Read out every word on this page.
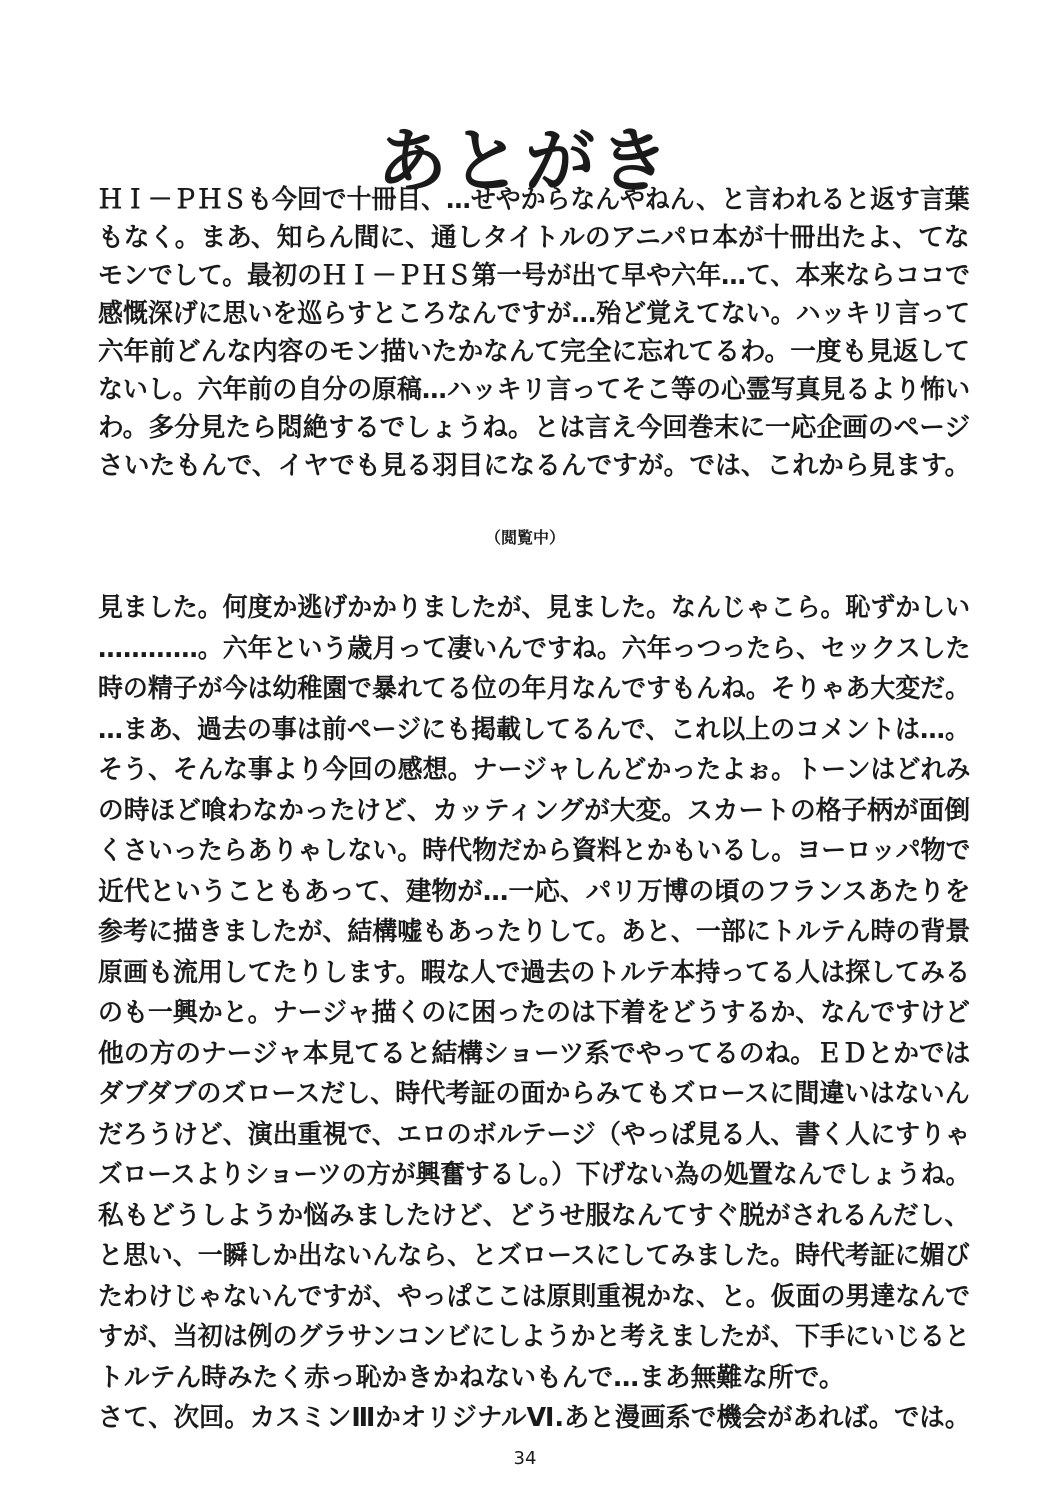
あとがき
ＨＩ－ＰＨＳも今回で十冊目、…せやからなんやねん、と言われると返す言葉
もなく。まあ、知らん間に、通しタイトルのアニパロ本が十冊出たよ、てな
モンでして。最初のＨＩ－ＰＨＳ第一号が出て早や六年…て、本来ならココで
感慨深げに思いを巡らすところなんですが…殆ど覚えてない。ハッキリ言って
六年前どんな内容のモン描いたかなんて完全に忘れてるわ。一度も見返して
ないし。六年前の自分の原稿…ハッキリ言ってそこ等の心霊写真見るより怖い
わ。多分見たら悶絶するでしょうね。とは言え今回巻末に一応企画のページ
さいたもんで、イヤでも見る羽目になるんですが。では、これから見ます。
（閲覧中）
見ました。何度か逃げかかりましたが、見ました。なんじゃこら。恥ずかしい
…………。六年という歳月って凄いんですね。六年っつったら、セックスした
時の精子が今は幼稚園で暴れてる位の年月なんですもんね。そりゃあ大変だ。
…まあ、過去の事は前ページにも掲載してるんで、これ以上のコメントは…。
そう、そんな事より今回の感想。ナージャしんどかったよぉ。トーンはどれみ
の時ほど喰わなかったけど、カッティングが大変。スカートの格子柄が面倒
くさいったらありゃしない。時代物だから資料とかもいるし。ヨーロッパ物で
近代ということもあって、建物が…一応、パリ万博の頃のフランスあたりを
参考に描きましたが、結構嘘もあったりして。あと、一部にトルテん時の背景
原画も流用してたりします。暇な人で過去のトルテ本持ってる人は探してみる
のも一興かと。ナージャ描くのに困ったのは下着をどうするか、なんですけど
他の方のナージャ本見てると結構ショーツ系でやってるのね。ＥＤとかでは
ダブダブのズロースだし、時代考証の面からみてもズロースに間違いはないん
だろうけど、演出重視で、エロのボルテージ（やっぱ見る人、書く人にすりゃ
ズロースよりショーツの方が興奮するし。）下げない為の処置なんでしょうね。
私もどうしようか悩みましたけど、どうせ服なんてすぐ脱がされるんだし、
と思い、一瞬しか出ないんなら、とズロースにしてみました。時代考証に媚び
たわけじゃないんですが、やっぱここは原則重視かな、と。仮面の男達なんで
すが、当初は例のグラサンコンビにしようかと考えましたが、下手にいじると
トルテん時みたく赤っ恥かきかねないもんで…まあ無難な所で。
さて、次回。カスミンⅢかオリジナルⅥ.あと漫画系で機会があれば。では。
34
